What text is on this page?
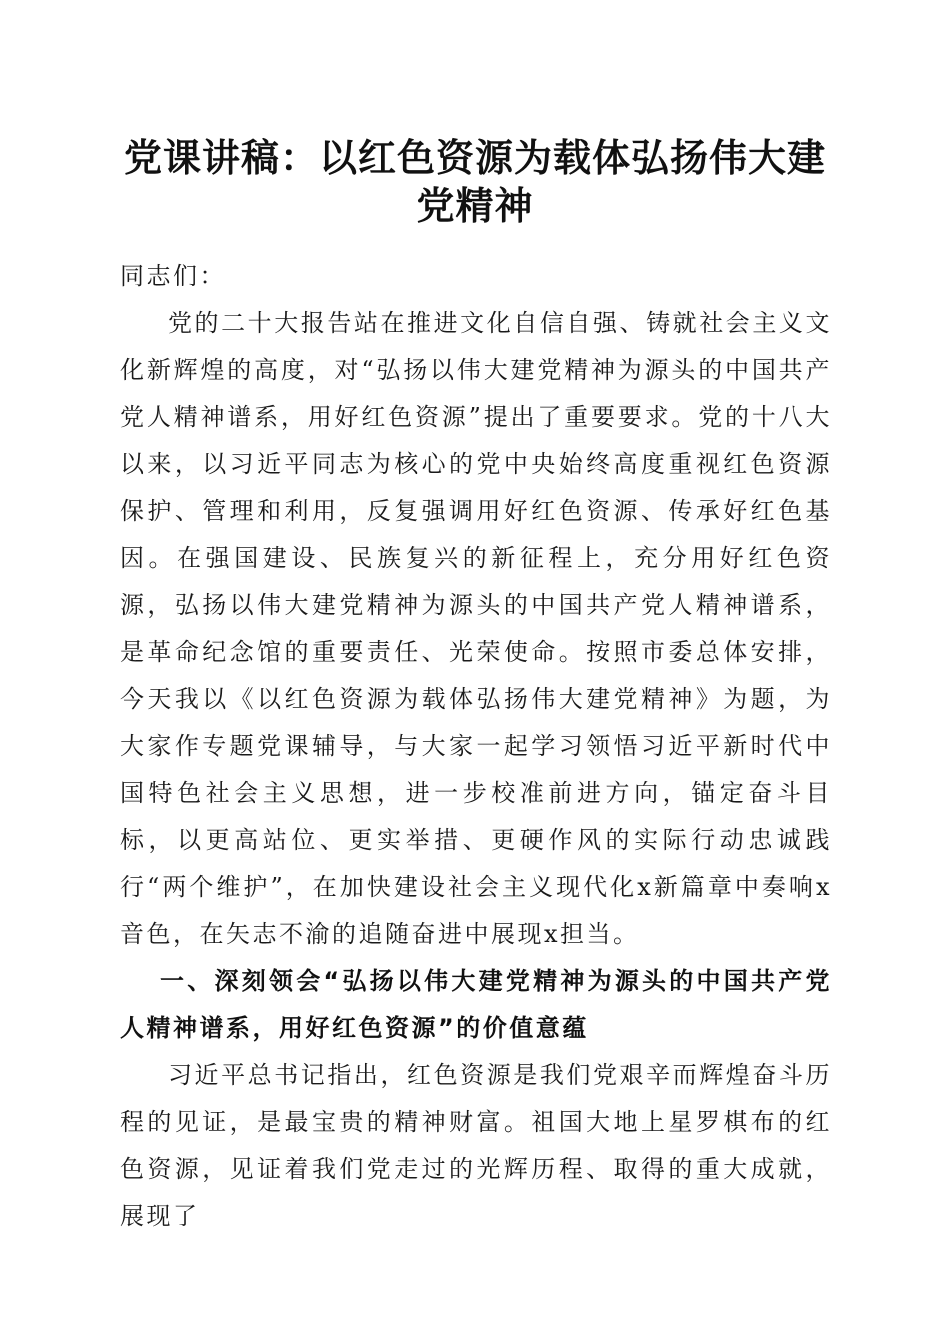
党课讲稿：以红色资源为载体弘扬伟大建党精神

同志们：

党的二十大报告站在推进文化自信自强、铸就社会主义文化新辉煌的高度，对“弘扬以伟大建党精神为源头的中国共产党人精神谱系，用好红色资源”提出了重要要求。党的十八大以来，以习近平同志为核心的党中央始终高度重视红色资源保护、管理和利用，反复强调用好红色资源、传承好红色基因。在强国建设、民族复兴的新征程上，充分用好红色资源，弘扬以伟大建党精神为源头的中国共产党人精神谱系，是革命纪念馆的重要责任、光荣使命。按照市委总体安排，今天我以《以红色资源为载体弘扬伟大建党精神》为题，为大家作专题党课辅导，与大家一起学习领悟习近平新时代中国特色社会主义思想，进一步校准前进方向，锚定奋斗目标，以更高站位、更实举措、更硬作风的实际行动忠诚践行“两个维护”，在加快建设社会主义现代化x新篇章中奏响x音色，在矢志不渝的追随奋进中展现x担当。

一、深刻领会“弘扬以伟大建党精神为源头的中国共产党人精神谱系，用好红色资源”的价值意蕴

习近平总书记指出，红色资源是我们党艰辛而辉煌奋斗历程的见证，是最宝贵的精神财富。祖国大地上星罗棋布的红色资源，见证着我们党走过的光辉历程、取得的重大成就，展现了
